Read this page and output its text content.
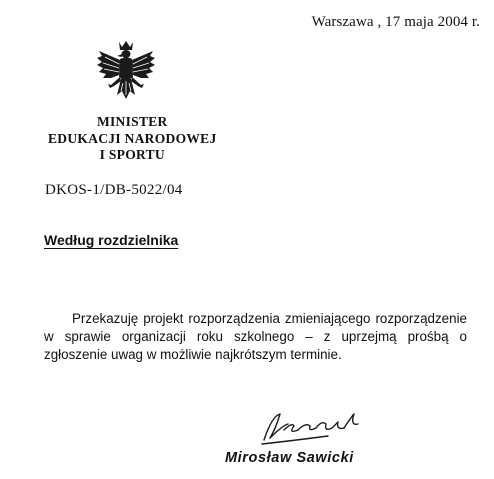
Warszawa , 17 maja 2004 r.
MINISTER
EDUKACJI NARODOWEJ
I SPORTU
DKOS-1/DB-5022/04
Według rozdzielnika
Przekazuję projekt rozporządzenia zmieniającego rozporządzenie w sprawie organizacji roku szkolnego – z uprzejmą prośbą o zgłoszenie uwag w możliwie najkrótszym terminie.
Mirosław Sawicki
